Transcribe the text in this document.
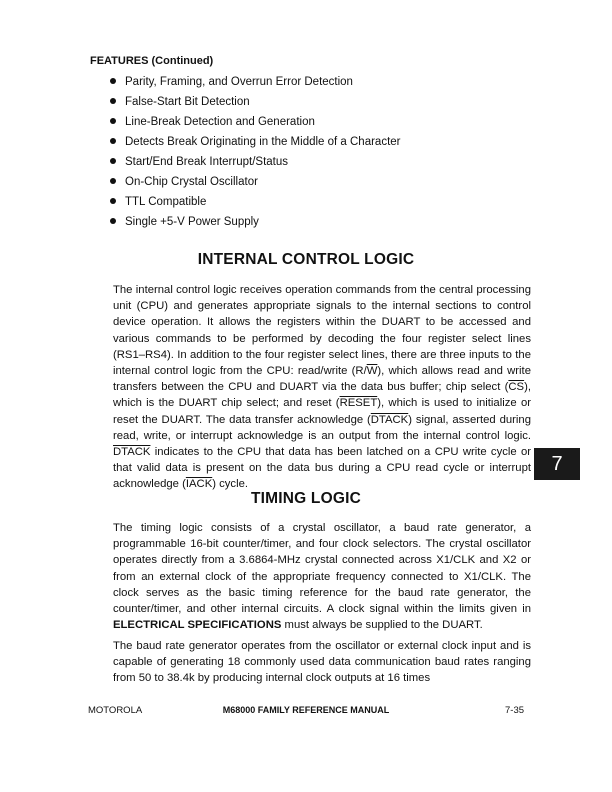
FEATURES (Continued)
Parity, Framing, and Overrun Error Detection
False-Start Bit Detection
Line-Break Detection and Generation
Detects Break Originating in the Middle of a Character
Start/End Break Interrupt/Status
On-Chip Crystal Oscillator
TTL Compatible
Single +5-V Power Supply
INTERNAL CONTROL LOGIC

The internal control logic receives operation commands from the central processing unit (CPU) and generates appropriate signals to the internal sections to control device operation. It allows the registers within the DUART to be accessed and various commands to be performed by decoding the four register select lines (RS1–RS4). In addition to the four register select lines, there are three inputs to the internal control logic from the CPU: read/write $(R/\overline{W})$, which allows read and write transfers between the CPU and DUART via the data bus buffer; chip select $(\overline{CS})$, which is the DUART chip select; and reset (RESET), which is used to initialize or reset the DUART. The data transfer acknowledge (DTACK) signal, asserted during read, write, or interrupt acknowledge is an output from the internal control logic. DTACK indicates to the CPU that data has been latched on a CPU write cycle or that valid data is present on the data bus during a CPU read cycle or interrupt acknowledge (IACK) cycle.

7
TIMING LOGIC

The timing logic consists of a crystal oscillator, a baud rate generator, a programmable 16-bit counter/timer, and four clock selectors. The crystal oscillator operates directly from a 3.6864-MHz crystal connected across X1/CLK and X2 or from an external clock of the appropriate frequency connected to X1/CLK. The clock serves as the basic timing reference for the baud rate generator, the counter/timer, and other internal circuits. A clock signal within the limits given in ELECTRICAL SPECIFICATIONS must always be supplied to the DUART.

The baud rate generator operates from the oscillator or external clock input and is capable of generating 18 commonly used data communication baud rates ranging from 50 to 38.4k by producing internal clock outputs at 16 times

MOTOROLA	M68000 FAMILY REFERENCE MANUAL	7-35
